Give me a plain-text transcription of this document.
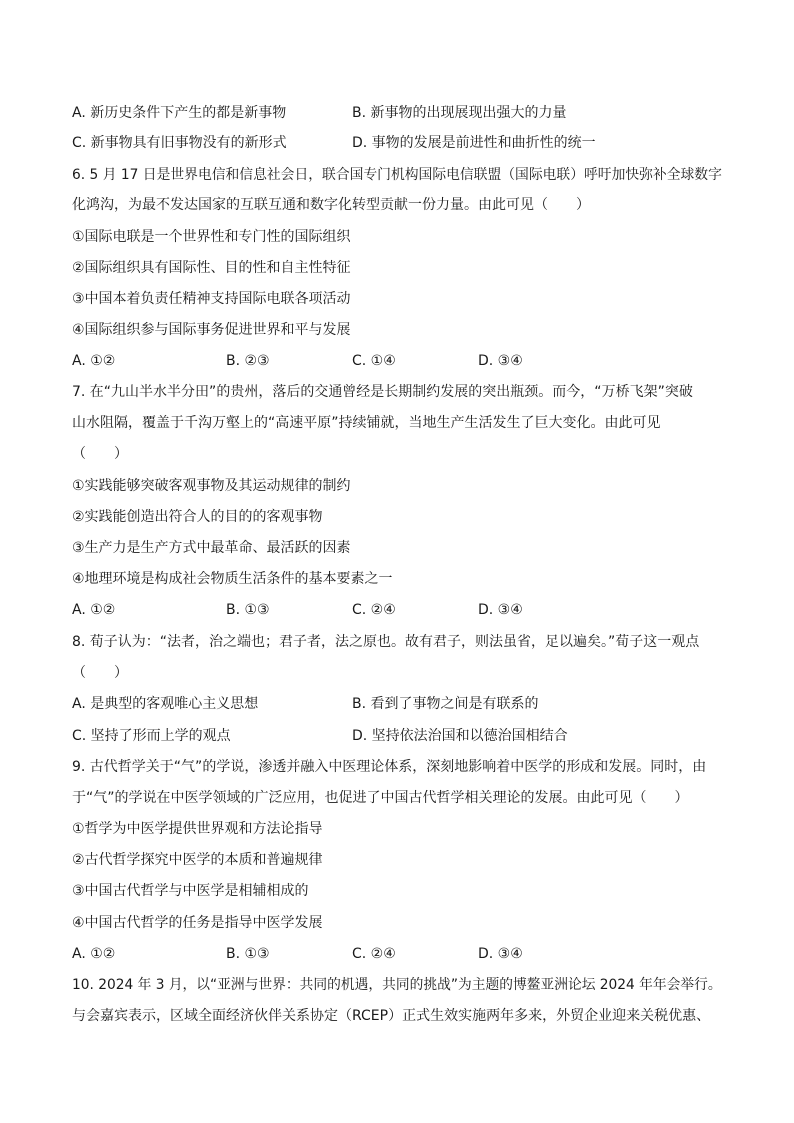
A. 新历史条件下产生的都是新事物	B. 新事物的出现展现出强大的力量
C. 新事物具有旧事物没有的新形式	D. 事物的发展是前进性和曲折性的统一
6. 5 月 17 日是世界电信和信息社会日，联合国专门机构国际电信联盟（国际电联）呼吁加快弥补全球数字
化鸿沟，为最不发达国家的互联互通和数字化转型贡献一份力量。由此可见（　　）
①国际电联是一个世界性和专门性的国际组织
②国际组织具有国际性、目的性和自主性特征
③中国本着负责任精神支持国际电联各项活动
④国际组织参与国际事务促进世界和平与发展
A. ①②	B. ②③	C. ①④	D. ③④
7. 在“九山半水半分田”的贵州，落后的交通曾经是长期制约发展的突出瓶颈。而今，“万桥飞架”突破
山水阻隔，覆盖于千沟万壑上的“高速平原”持续铺就，当地生产生活发生了巨大变化。由此可见
（　　）
①实践能够突破客观事物及其运动规律的制约
②实践能创造出符合人的目的的客观事物
③生产力是生产方式中最革命、最活跃的因素
④地理环境是构成社会物质生活条件的基本要素之一
A. ①②	B. ①③	C. ②④	D. ③④
8. 荀子认为：“法者，治之端也；君子者，法之原也。故有君子，则法虽省，足以遍矣。”荀子这一观点
（　　）
A. 是典型的客观唯心主义思想	B. 看到了事物之间是有联系的
C. 坚持了形而上学的观点	D. 坚持依法治国和以德治国相结合
9. 古代哲学关于“气”的学说，渗透并融入中医理论体系，深刻地影响着中医学的形成和发展。同时，由
于“气”的学说在中医学领域的广泛应用，也促进了中国古代哲学相关理论的发展。由此可见（　　）
①哲学为中医学提供世界观和方法论指导
②古代哲学探究中医学的本质和普遍规律
③中国古代哲学与中医学是相辅相成的
④中国古代哲学的任务是指导中医学发展
A. ①②	B. ①③	C. ②④	D. ③④
10. 2024 年 3 月，以“亚洲与世界：共同的机遇，共同的挑战”为主题的博鳌亚洲论坛 2024 年年会举行。
与会嘉宾表示，区域全面经济伙伴关系协定（RCEP）正式生效实施两年多来，外贸企业迎来关税优惠、
